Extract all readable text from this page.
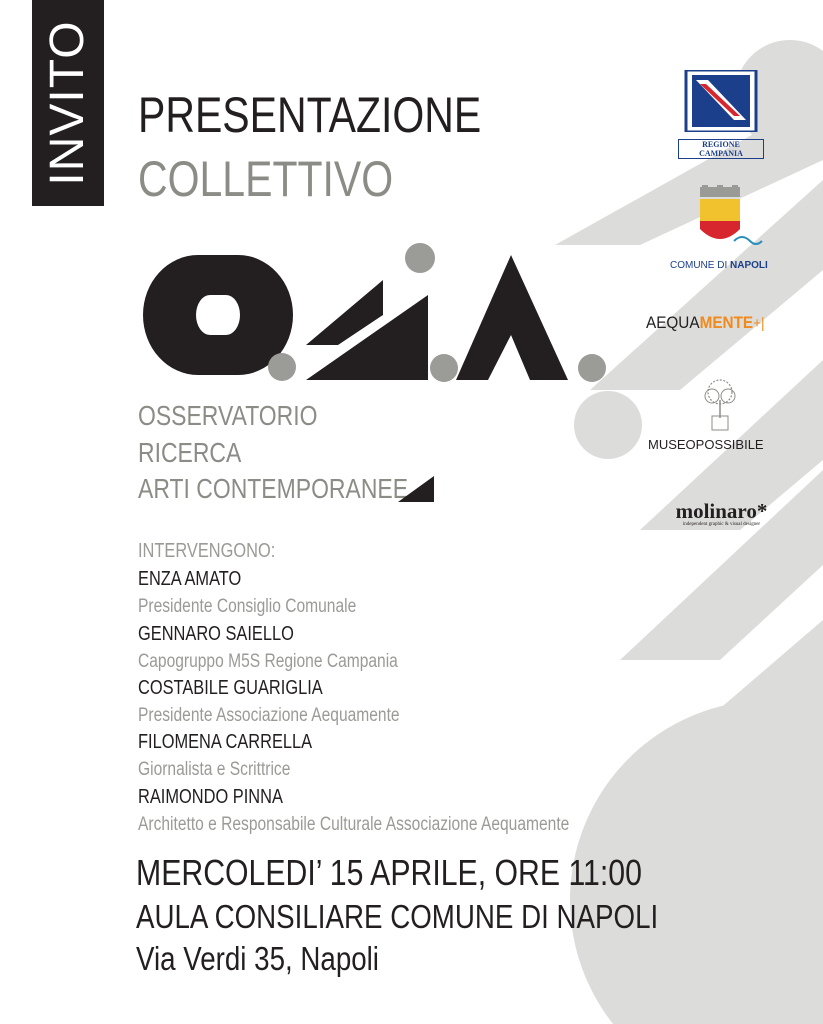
INVITO PRESENTAZIONE
COLLETTIVO
OSSERVATORIO
RICERCA
ARTI CONTEMPORANEE
INTERVENGONO:
ENZA AMATO
Presidente Consiglio Comunale
GENNARO SAIELLO
Capogruppo M5S Regione Campania
COSTABILE GUARIGLIA
Presidente Associazione Aequamente
FILOMENA CARRELLA
Giornalista e Scrittrice
RAIMONDO PINNA
Architetto e Responsabile Culturale Associazione Aequamente
MERCOLEDI’ 15 APRILE, ORE 11:00
AULA CONSILIARE COMUNE DI NAPOLI
Via Verdi 35, Napoli
REGIONE CAMPANIA
COMUNE DI NAPOLI
AEQUAMENTE+|
MUSEOPOSSIBILE
molinaro*
independent graphic & visual designer
